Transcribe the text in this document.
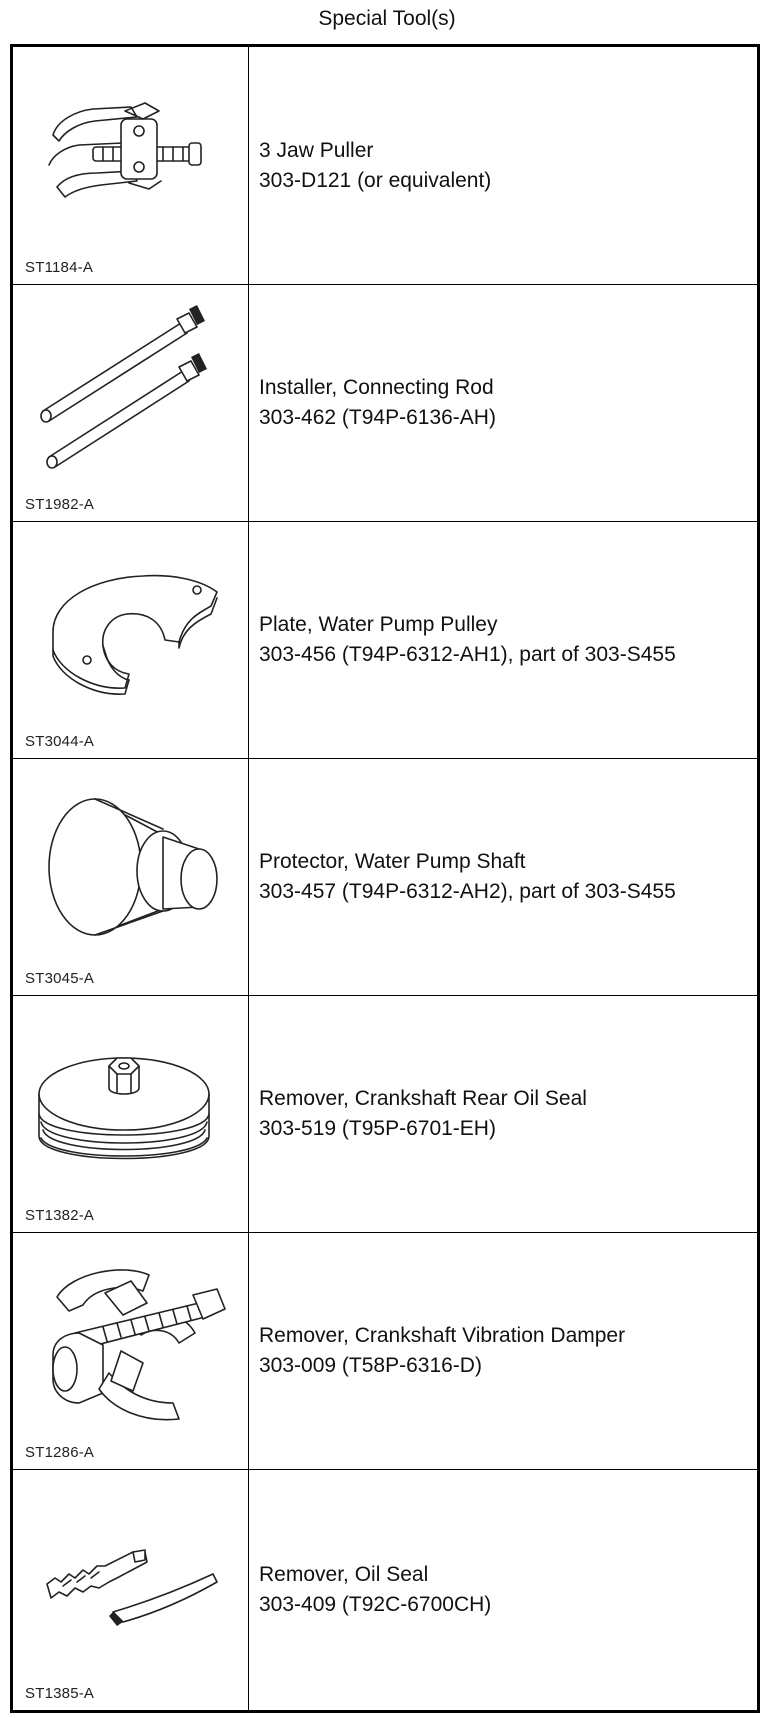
Special Tool(s)
ST1184-A
3 Jaw Puller
303-D121 (or equivalent)
ST1982-A
Installer, Connecting Rod
303-462 (T94P-6136-AH)
ST3044-A
Plate, Water Pump Pulley
303-456 (T94P-6312-AH1), part of 303-S455
ST3045-A
Protector, Water Pump Shaft
303-457 (T94P-6312-AH2), part of 303-S455
ST1382-A
Remover, Crankshaft Rear Oil Seal
303-519 (T95P-6701-EH)
ST1286-A
Remover, Crankshaft Vibration Damper
303-009 (T58P-6316-D)
ST1385-A
Remover, Oil Seal
303-409 (T92C-6700CH)
